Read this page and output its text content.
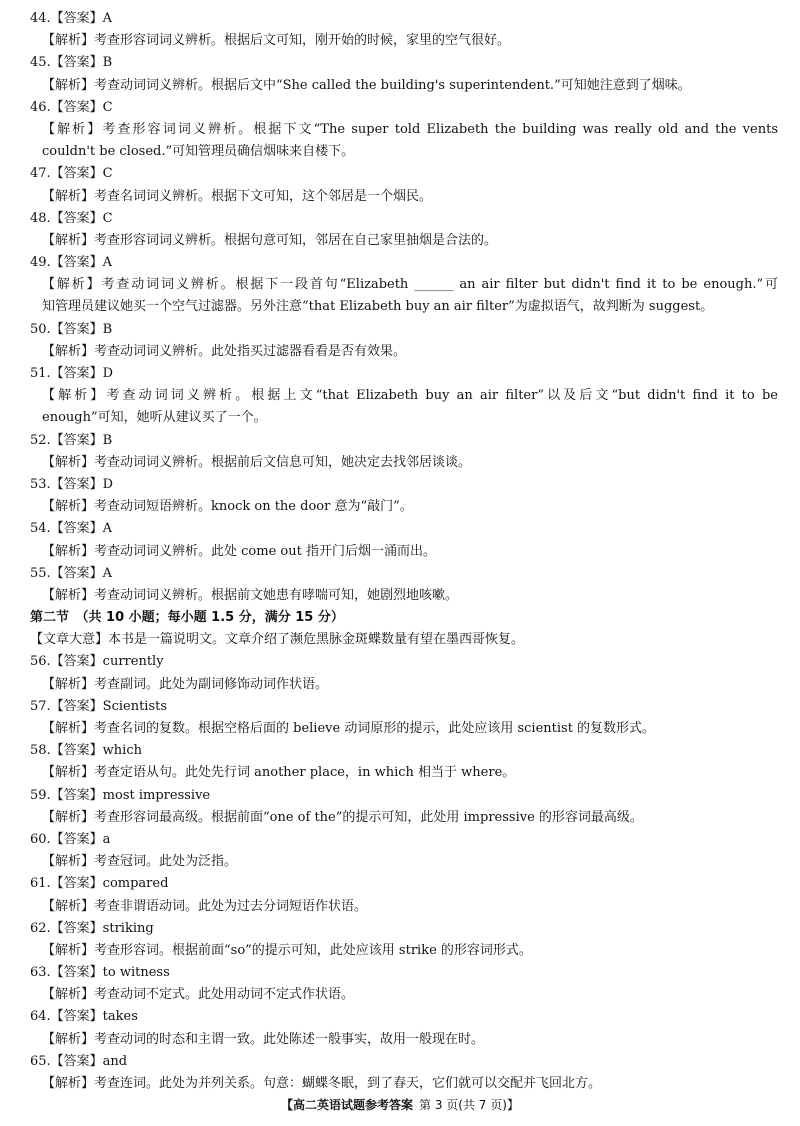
44.【答案】A
【解析】考查形容词词义辨析。根据后文可知，刚开始的时候，家里的空气很好。
45.【答案】B
【解析】考查动词词义辨析。根据后文中“She called the building's superintendent.”可知她注意到了烟味。
46.【答案】C
【解析】考查形容词词义辨析。根据下文“The super told Elizabeth the building was really old and the vents
couldn't be closed.”可知管理员确信烟味来自楼下。
47.【答案】C
【解析】考查名词词义辨析。根据下文可知，这个邻居是一个烟民。
48.【答案】C
【解析】考查形容词词义辨析。根据句意可知，邻居在自己家里抽烟是合法的。
49.【答案】A
【解析】考查动词词义辨析。根据下一段首句“Elizabeth ______ an air filter but didn't find it to be enough.”可
知管理员建议她买一个空气过滤器。另外注意“that Elizabeth buy an air filter”为虚拟语气，故判断为 suggest。
50.【答案】B
【解析】考查动词词义辨析。此处指买过滤器看看是否有效果。
51.【答案】D
【解析】考查动词词义辨析。根据上文“that Elizabeth buy an air filter”以及后文“but didn't find it to be
enough”可知，她听从建议买了一个。
52.【答案】B
【解析】考查动词词义辨析。根据前后文信息可知，她决定去找邻居谈谈。
53.【答案】D
【解析】考查动词短语辨析。knock on the door 意为“敲门”。
54.【答案】A
【解析】考查动词词义辨析。此处 come out 指开门后烟一涌而出。
55.【答案】A
【解析】考查动词词义辨析。根据前文她患有哮喘可知，她剧烈地咳嗽。
第二节　（共 10 小题；每小题 1.5 分，满分 15 分）
【文章大意】本书是一篇说明文。文章介绍了濒危黑脉金斑蝶数量有望在墨西哥恢复。
56.【答案】currently
【解析】考查副词。此处为副词修饰动词作状语。
57.【答案】Scientists
【解析】考查名词的复数。根据空格后面的 believe 动词原形的提示，此处应该用 scientist 的复数形式。
58.【答案】which
【解析】考查定语从句。此处先行词 another place，in which 相当于 where。
59.【答案】most impressive
【解析】考查形容词最高级。根据前面“one of the”的提示可知，此处用 impressive 的形容词最高级。
60.【答案】a
【解析】考查冠词。此处为泛指。
61.【答案】compared
【解析】考查非谓语动词。此处为过去分词短语作状语。
62.【答案】striking
【解析】考查形容词。根据前面“so”的提示可知，此处应该用 strike 的形容词形式。
63.【答案】to witness
【解析】考查动词不定式。此处用动词不定式作状语。
64.【答案】takes
【解析】考查动词的时态和主谓一致。此处陈述一般事实，故用一般现在时。
65.【答案】and
【解析】考查连词。此处为并列关系。句意：蝴蝶冬眠，到了春天，它们就可以交配并飞回北方。
【高二英语试题参考答案 第 3 页(共 7 页)】
